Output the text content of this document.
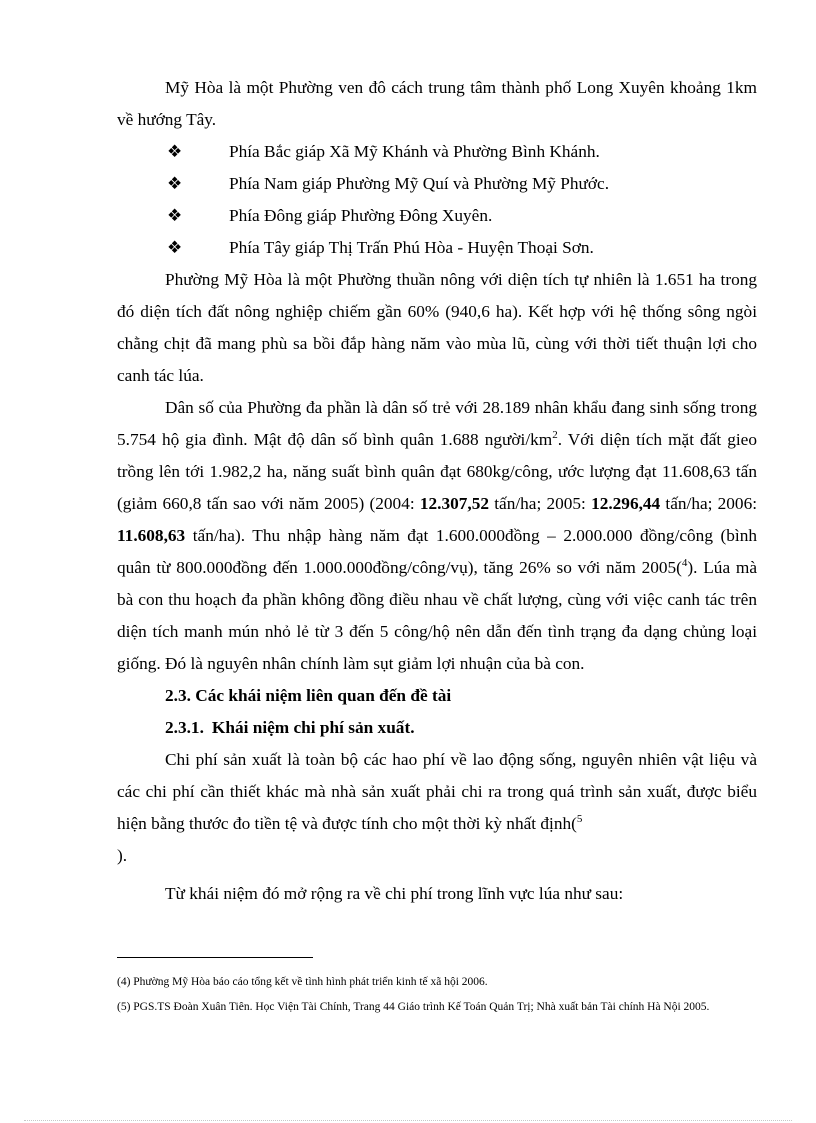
Mỹ Hòa là một Phường ven đô cách trung tâm thành phố Long Xuyên khoảng 1km về hướng Tây.

❖	Phía Bắc giáp Xã Mỹ Khánh và Phường Bình Khánh.
❖	Phía Nam giáp Phường Mỹ Quí và Phường Mỹ Phước.
❖	Phía Đông giáp Phường Đông Xuyên.
❖	Phía Tây giáp Thị Trấn Phú Hòa - Huyện Thoại Sơn.

Phường Mỹ Hòa là một Phường thuần nông với diện tích tự nhiên là 1.651 ha trong đó diện tích đất nông nghiệp chiếm gần 60% (940,6 ha). Kết hợp với hệ thống sông ngòi chằng chịt đã mang phù sa bồi đắp hàng năm vào mùa lũ, cùng với thời tiết thuận lợi cho canh tác lúa.

Dân số của Phường đa phần là dân số trẻ với 28.189 nhân khẩu đang sinh sống trong 5.754 hộ gia đình. Mật độ dân số bình quân 1.688 người/$km^2$. Với diện tích mặt đất gieo trồng lên tới 1.982,2 ha, năng suất bình quân đạt 680kg/công, ước lượng đạt 11.608,63 tấn (giảm 660,8 tấn sao với năm 2005) (2004: 12.307,52 tấn/ha; 2005: 12.296,44 tấn/ha; 2006: 11.608,63 tấn/ha). Thu nhập hàng năm đạt 1.600.000đồng – 2.000.000 đồng/công (bình quân từ 800.000đồng đến 1.000.000đồng/công/vụ), tăng 26% so với năm 2005($^4$). Lúa mà bà con thu hoạch đa phần không đồng điều nhau về chất lượng, cùng với việc canh tác trên diện tích manh mún nhỏ lẻ từ 3 đến 5 công/hộ nên dẫn đến tình trạng đa dạng chủng loại giống. Đó là nguyên nhân chính làm sụt giảm lợi nhuận của bà con.

2.3. Các khái niệm liên quan đến đề tài

2.3.1. Khái niệm chi phí sản xuất.

Chi phí sản xuất là toàn bộ các hao phí về lao động sống, nguyên nhiên vật liệu và các chi phí cần thiết khác mà nhà sản xuất phải chi ra trong quá trình sản xuất, được biểu hiện bằng thước đo tiền tệ và được tính cho một thời kỳ nhất định($^5$
).

Từ khái niệm đó mở rộng ra về chi phí trong lĩnh vực lúa như sau:

(4) Phường Mỹ Hòa báo cáo tổng kết về tình hình phát triển kinh tế xã hội 2006.

(5) PGS.TS Đoàn Xuân Tiên. Học Viện Tài Chính, Trang 44 Giáo trình Kế Toán Quản Trị; Nhà xuất bản Tài chính Hà Nội 2005.
